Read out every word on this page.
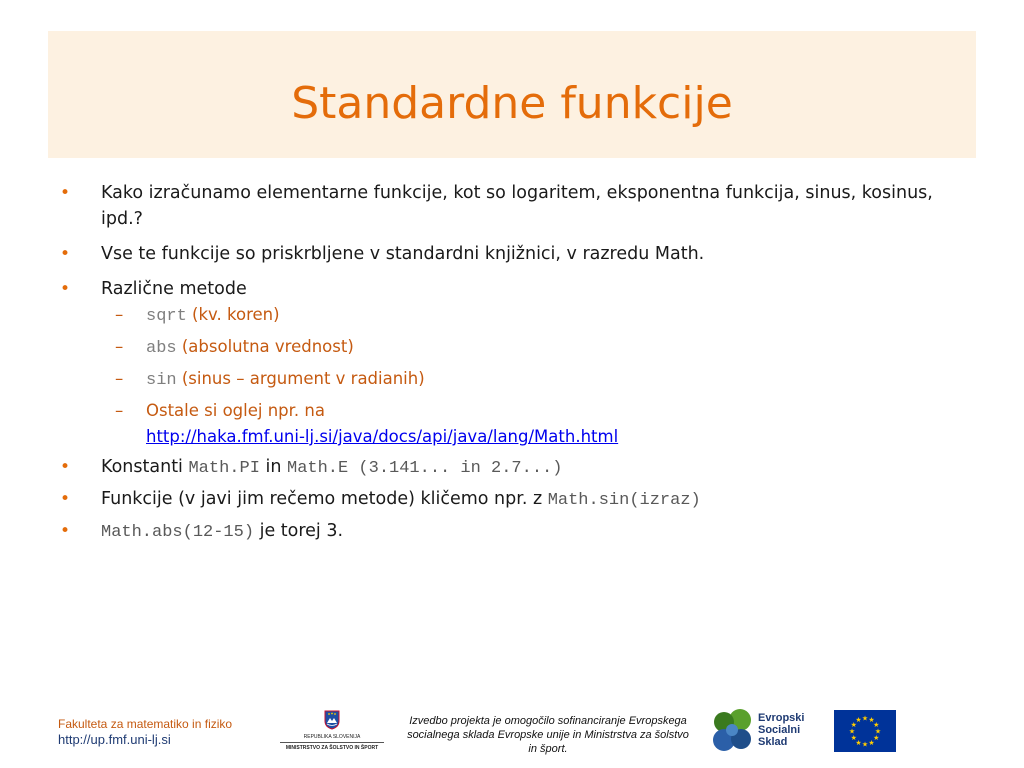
Standardne funkcije
• Kako izračunamo elementarne funkcije, kot so logaritem, eksponentna funkcija, sinus, kosinus, ipd.?
• Vse te funkcije so priskrbljene v standardni knjižnici, v razredu Math.
• Različne metode
– sqrt (kv. koren)
– abs (absolutna vrednost)
– sin (sinus – argument v radianih)
– Ostale si oglej npr. na
http://haka.fmf.uni-lj.si/java/docs/api/java/lang/Math.html
• Konstanti Math.PI in Math.E (3.141... in 2.7...)
• Funkcije (v javi jim rečemo metode) kličemo npr. z Math.sin(izraz)
• Math.abs(12-15) je torej 3.
Fakulteta za matematiko in fiziko
http://up.fmf.uni-lj.si	REPUBLIKA SLOVENIJA
MINISTRSTVO ZA ŠOLSTVO IN ŠPORT
Izvedbo projekta je omogočilo sofinanciranje Evropskega socialnega sklada Evropske unije in Ministrstva za šolstvo in šport.
Evropski
Socialni
Sklad
★ ★
★
★
★
★
★
★
★
★
★
★
